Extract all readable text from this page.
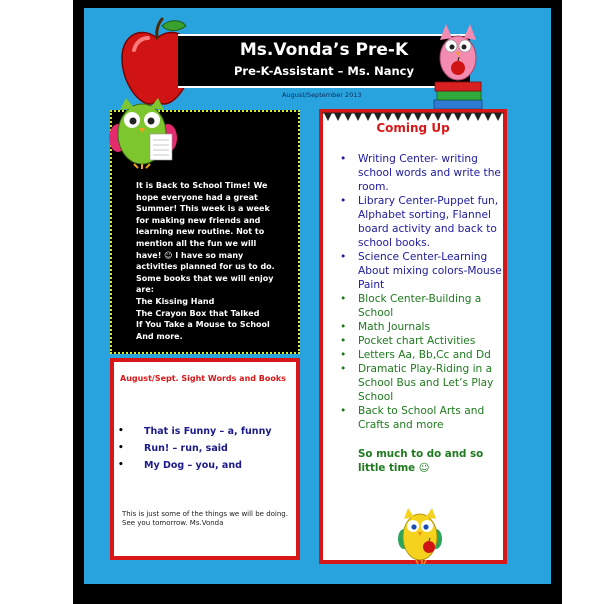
Ms.Vonda’s Pre-K
Pre-K-Assistant – Ms. Nancy
August/September 2013
It is Back to School Time! We
hope everyone had a great
Summer! This week is a week
for making new friends and
learning new routine. Not to
mention all the fun we will
have! ☺ I have so many
activities planned for us to do.
Some books that we will enjoy
are:
The Kissing Hand
The Crayon Box that Talked
If You Take a Mouse to School
And more.
August/Sept. Sight Words and Books
• That is Funny – a, funny
• Run! – run, said
• My Dog – you, and
This is just some of the things we will be doing. See you tomorrow. Ms.Vonda
Coming Up
• Writing Center- writing school words and write the room.
• Library Center-Puppet fun, Alphabet sorting, Flannel board activity and back to school books.
• Science Center-Learning About mixing colors-Mouse Paint
• Block Center-Building a School
• Math Journals
• Pocket chart Activities
• Letters Aa, Bb,Cc and Dd
• Dramatic Play-Riding in a School Bus and Let’s Play School
• Back to School Arts and Crafts and more
So much to do and so little time ☺
